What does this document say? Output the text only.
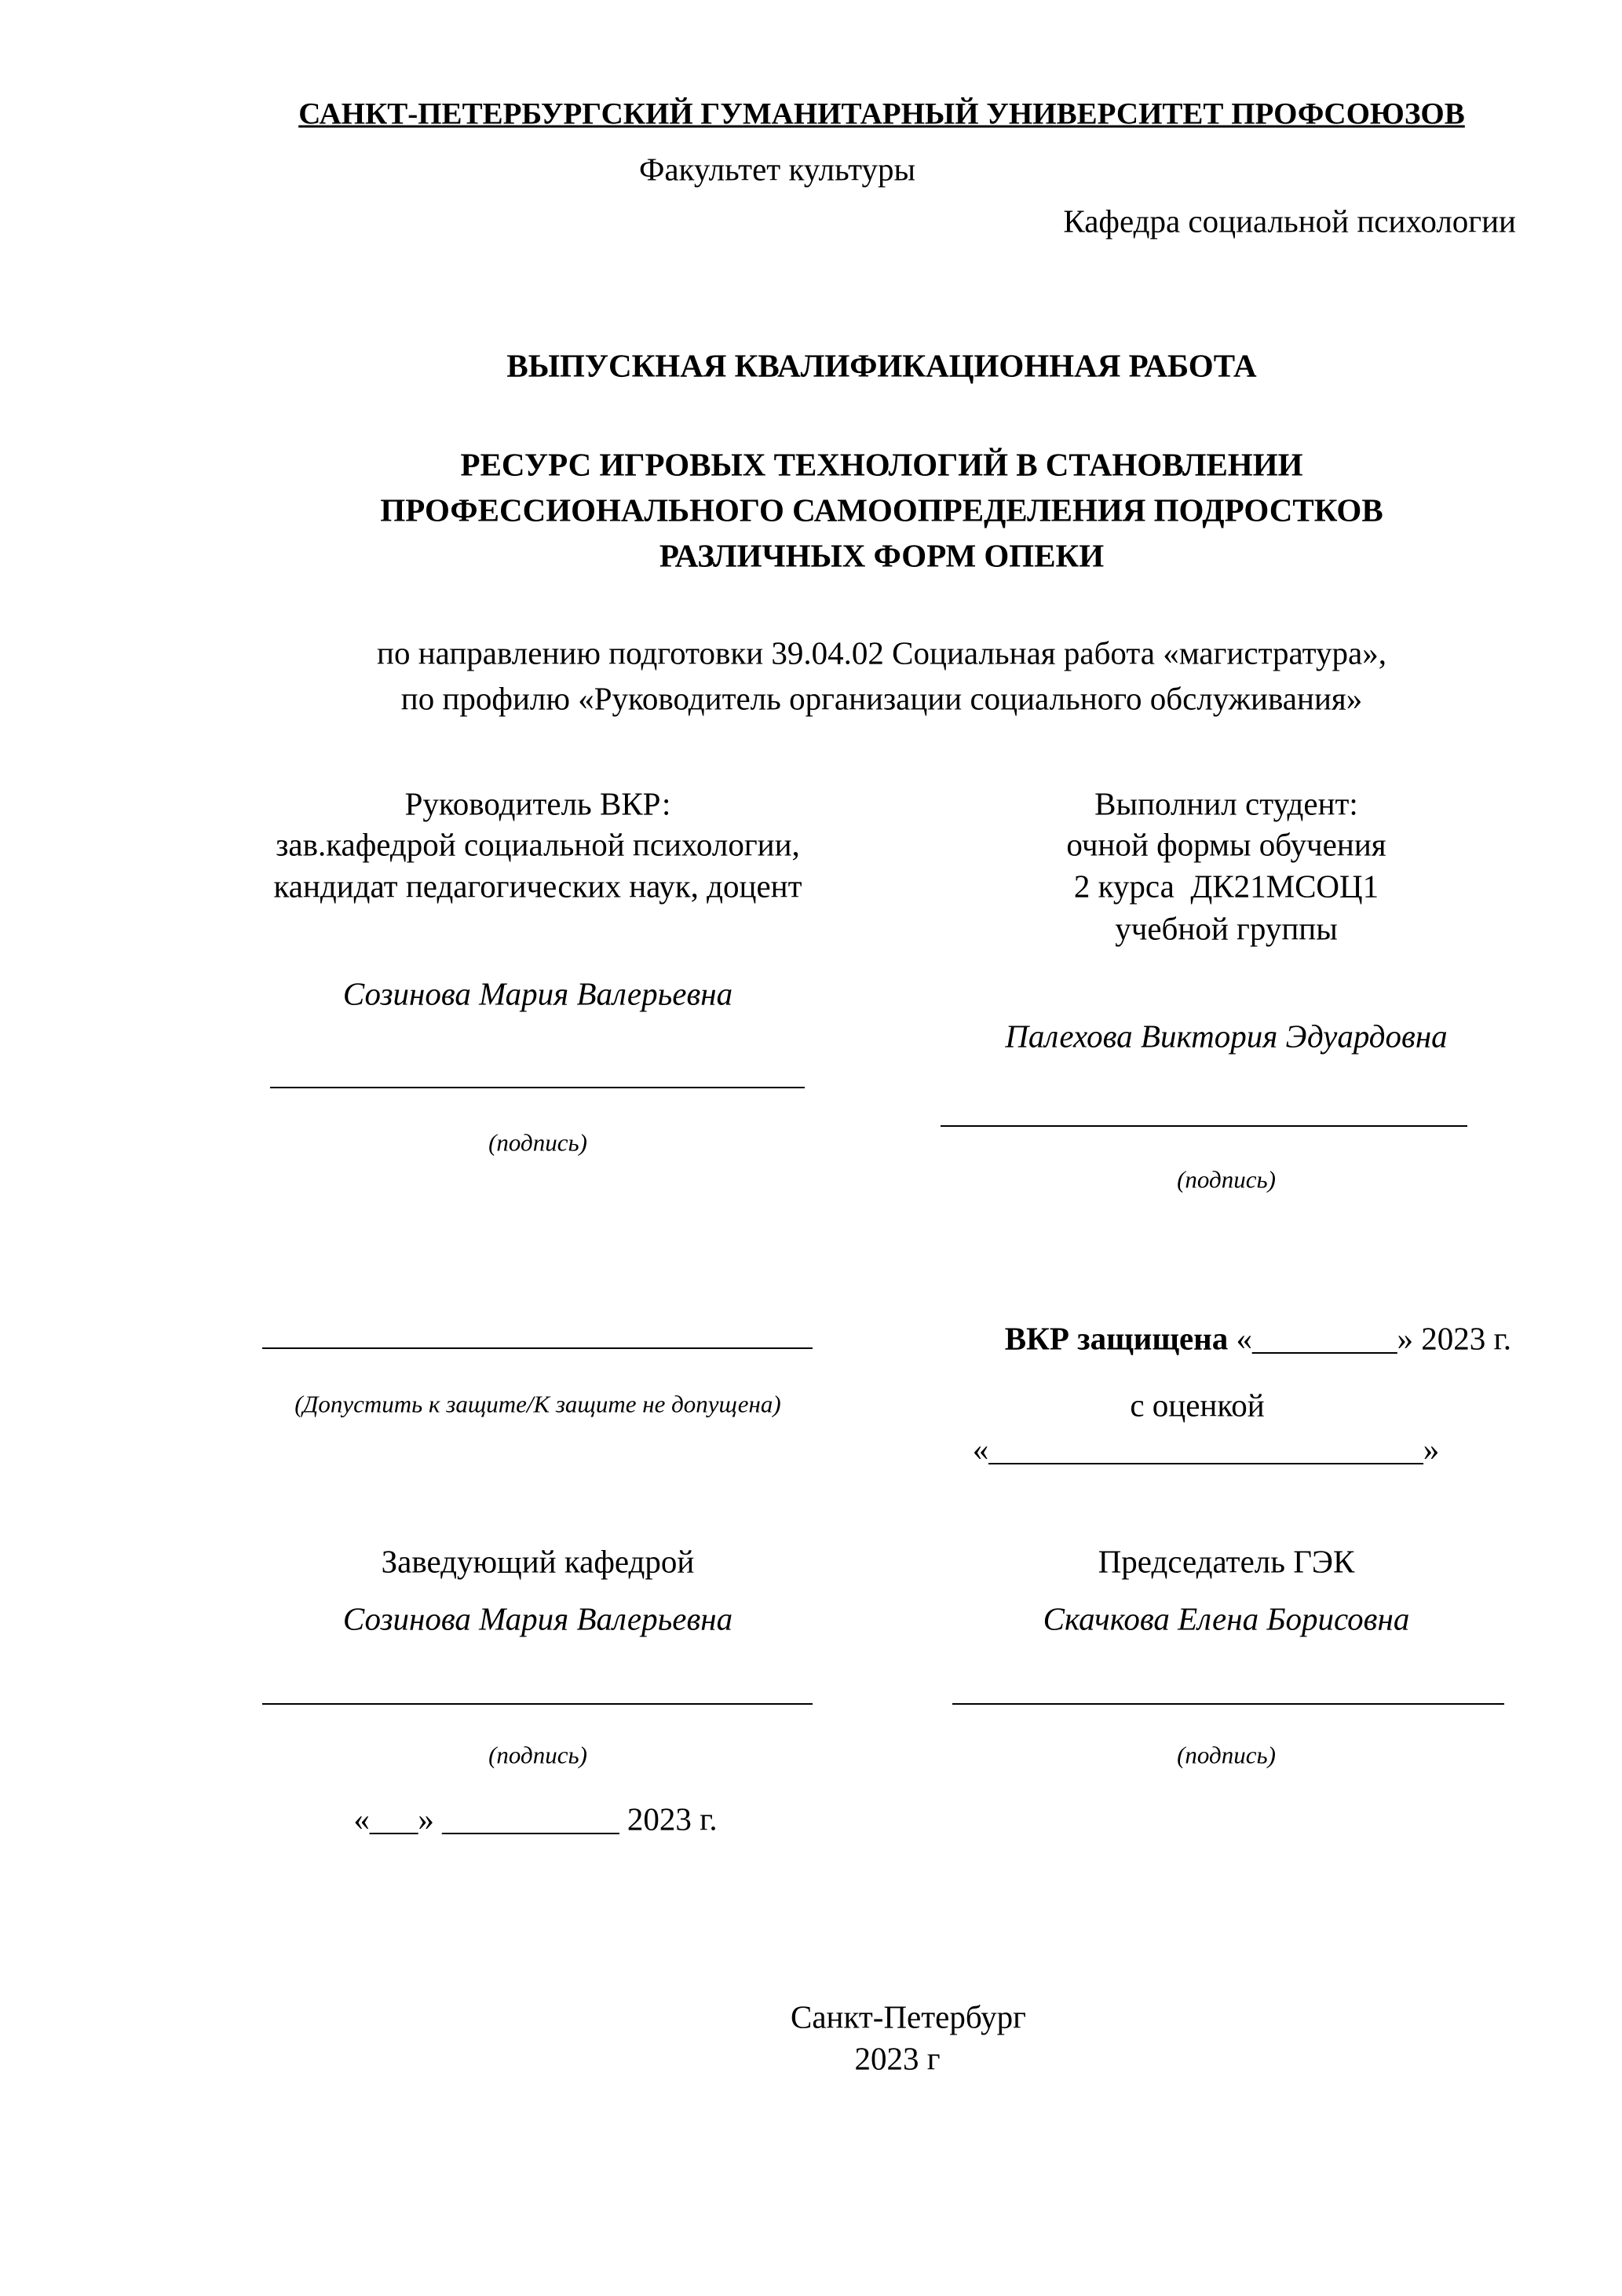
САНКТ-ПЕТЕРБУРГСКИЙ ГУМАНИТАРНЫЙ УНИВЕРСИТЕТ ПРОФСОЮЗОВ
Факультет культуры
Кафедра социальной психологии
ВЫПУСКНАЯ КВАЛИФИКАЦИОННАЯ РАБОТА
РЕСУРС ИГРОВЫХ ТЕХНОЛОГИЙ В СТАНОВЛЕНИИ
ПРОФЕССИОНАЛЬНОГО САМООПРЕДЕЛЕНИЯ ПОДРОСТКОВ
РАЗЛИЧНЫХ ФОРМ ОПЕКИ
по направлению подготовки 39.04.02 Социальная работа «магистратура»,
по профилю «Руководитель организации социального обслуживания»
Руководитель ВКР:
зав.кафедрой социальной психологии,
кандидат педагогических наук, доцент
Созинова Мария Валерьевна
(подпись)
Выполнил студент:
очной формы обучения
2 курса  ДК21МСОЦ1
учебной группы
Палехова Виктория Эдуардовна
(подпись)
(Допустить к защите/К защите не допущена)
ВКР защищена «_________» 2023 г.
с оценкой
«___________________________»
Заведующий кафедрой
Созинова Мария Валерьевна
(подпись)
«___» ___________ 2023 г.
Председатель ГЭК
Скачкова Елена Борисовна
(подпись)
Санкт-Петербург
2023 г
